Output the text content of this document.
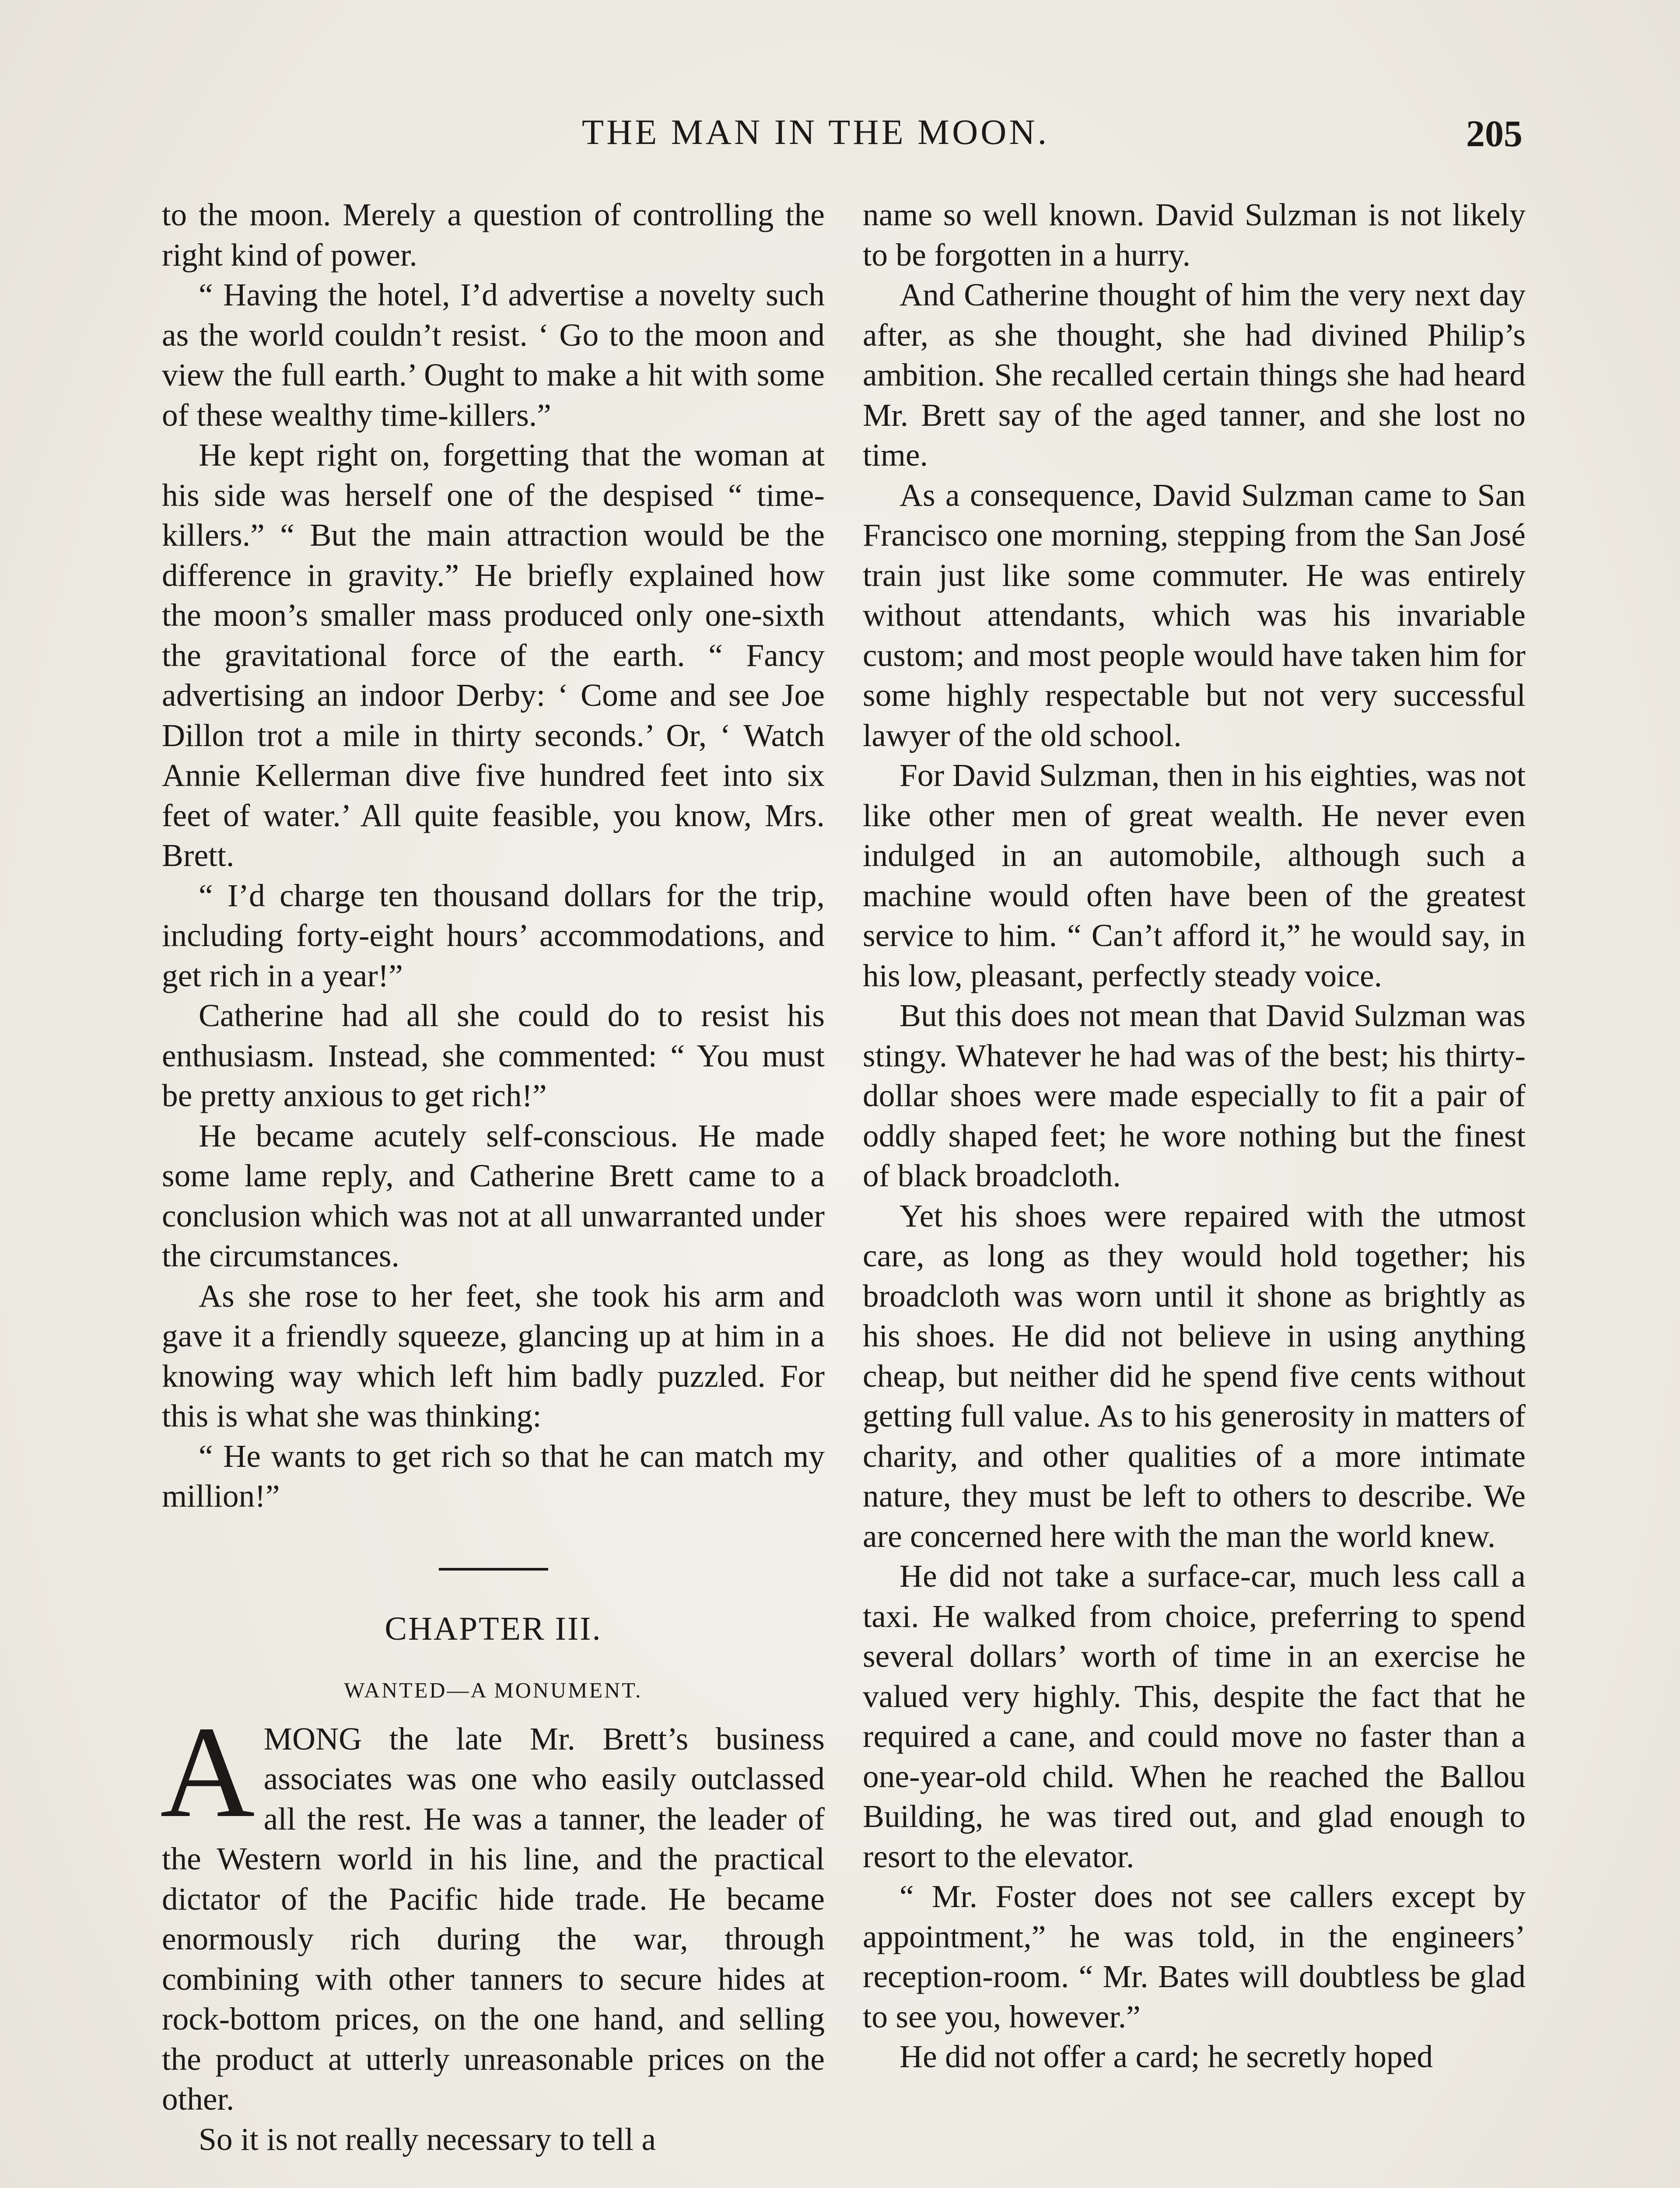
THE MAN IN THE MOON.	205

to the moon. Merely a question of controlling the right kind of power.

“ Having the hotel, I’d advertise a novelty such as the world couldn’t resist. ‘ Go to the moon and view the full earth.’ Ought to make a hit with some of these wealthy time-killers.”

He kept right on, forgetting that the woman at his side was herself one of the despised “ time-killers.” “ But the main attraction would be the difference in gravity.” He briefly explained how the moon’s smaller mass produced only one-sixth the gravitational force of the earth. “ Fancy advertising an indoor Derby: ‘ Come and see Joe Dillon trot a mile in thirty seconds.’ Or, ‘ Watch Annie Kellerman dive five hundred feet into six feet of water.’ All quite feasible, you know, Mrs. Brett.

“ I’d charge ten thousand dollars for the trip, including forty-eight hours’ accommodations, and get rich in a year!”

Catherine had all she could do to resist his enthusiasm. Instead, she commented: “ You must be pretty anxious to get rich!”

He became acutely self-conscious. He made some lame reply, and Catherine Brett came to a conclusion which was not at all unwarranted under the circumstances.

As she rose to her feet, she took his arm and gave it a friendly squeeze, glancing up at him in a knowing way which left him badly puzzled. For this is what she was thinking:

“ He wants to get rich so that he can match my million!”

CHAPTER III.
WANTED—A MONUMENT.

AMONG the late Mr. Brett’s business associates was one who easily outclassed all the rest. He was a tanner, the leader of the Western world in his line, and the practical dictator of the Pacific hide trade. He became enormously rich during the war, through combining with other tanners to secure hides at rock-bottom prices, on the one hand, and selling the product at utterly unreasonable prices on the other.

So it is not really necessary to tell a

name so well known. David Sulzman is not likely to be forgotten in a hurry.

And Catherine thought of him the very next day after, as she thought, she had divined Philip’s ambition. She recalled certain things she had heard Mr. Brett say of the aged tanner, and she lost no time.

As a consequence, David Sulzman came to San Francisco one morning, stepping from the San José train just like some commuter. He was entirely without attendants, which was his invariable custom; and most people would have taken him for some highly respectable but not very successful lawyer of the old school.

For David Sulzman, then in his eighties, was not like other men of great wealth. He never even indulged in an automobile, although such a machine would often have been of the greatest service to him. “ Can’t afford it,” he would say, in his low, pleasant, perfectly steady voice.

But this does not mean that David Sulzman was stingy. Whatever he had was of the best; his thirty-dollar shoes were made especially to fit a pair of oddly shaped feet; he wore nothing but the finest of black broadcloth.

Yet his shoes were repaired with the utmost care, as long as they would hold together; his broadcloth was worn until it shone as brightly as his shoes. He did not believe in using anything cheap, but neither did he spend five cents without getting full value. As to his generosity in matters of charity, and other qualities of a more intimate nature, they must be left to others to describe. We are concerned here with the man the world knew.

He did not take a surface-car, much less call a taxi. He walked from choice, preferring to spend several dollars’ worth of time in an exercise he valued very highly. This, despite the fact that he required a cane, and could move no faster than a one-year-old child. When he reached the Ballou Building, he was tired out, and glad enough to resort to the elevator.

“ Mr. Foster does not see callers except by appointment,” he was told, in the engineers’ reception-room. “ Mr. Bates will doubtless be glad to see you, however.”

He did not offer a card; he secretly hoped
